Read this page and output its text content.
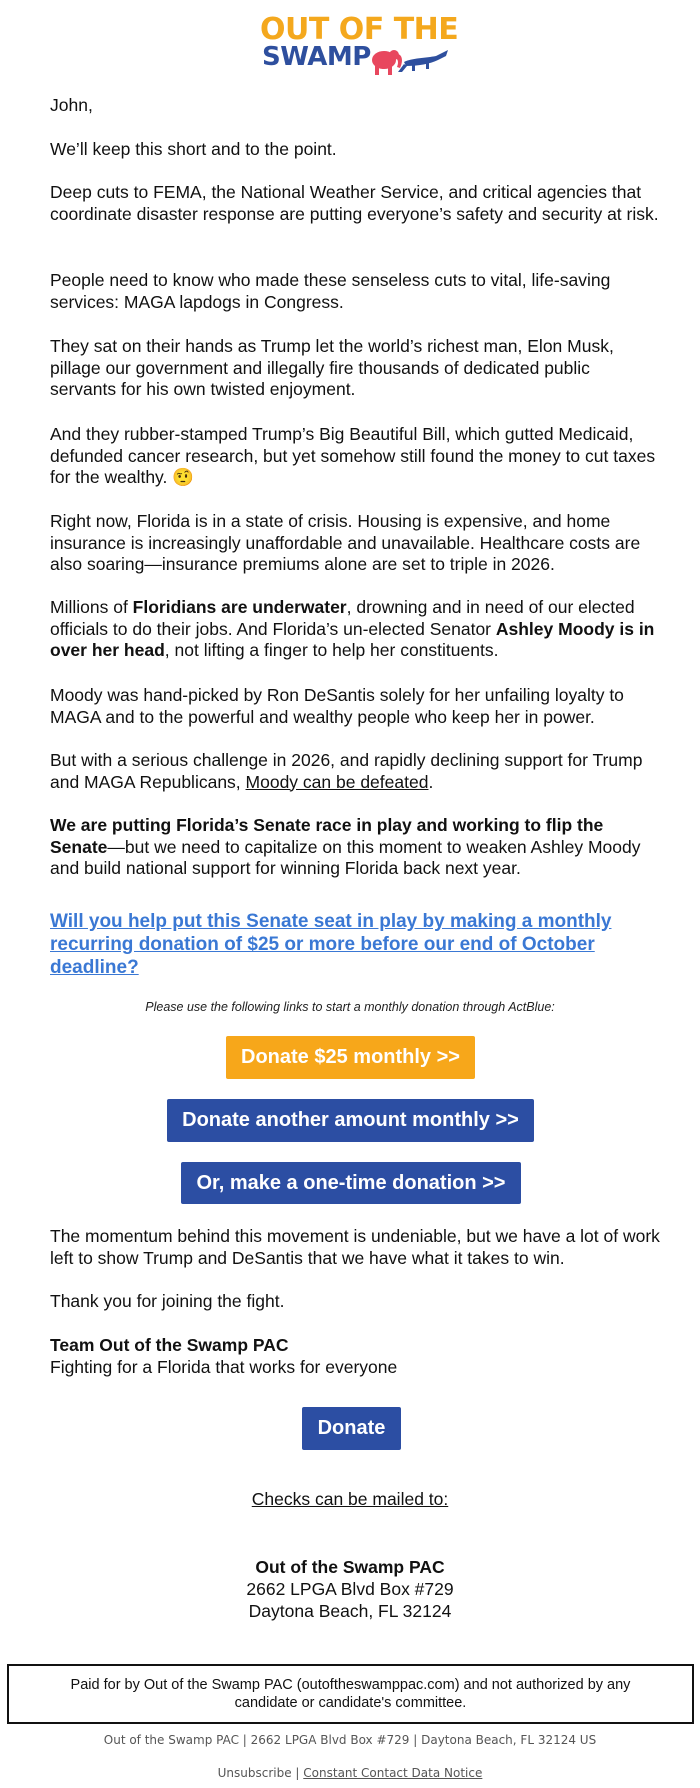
OUT OF THE
SWAMP
John,
We’ll keep this short and to the point.
Deep cuts to FEMA, the National Weather Service, and critical agencies that coordinate disaster response are putting everyone’s safety and security at risk.
People need to know who made these senseless cuts to vital, life-saving services: MAGA lapdogs in Congress.
They sat on their hands as Trump let the world’s richest man, Elon Musk, pillage our government and illegally fire thousands of dedicated public servants for his own twisted enjoyment.
And they rubber-stamped Trump’s Big Beautiful Bill, which gutted Medicaid, defunded cancer research, but yet somehow still found the money to cut taxes for the wealthy. 🤨
Right now, Florida is in a state of crisis. Housing is expensive, and home insurance is increasingly unaffordable and unavailable. Healthcare costs are also soaring—insurance premiums alone are set to triple in 2026.
Millions of Floridians are underwater, drowning and in need of our elected officials to do their jobs. And Florida’s un-elected Senator Ashley Moody is in over her head, not lifting a finger to help her constituents.
Moody was hand-picked by Ron DeSantis solely for her unfailing loyalty to MAGA and to the powerful and wealthy people who keep her in power.
But with a serious challenge in 2026, and rapidly declining support for Trump and MAGA Republicans, Moody can be defeated.
We are putting Florida’s Senate race in play and working to flip the Senate—but we need to capitalize on this moment to weaken Ashley Moody and build national support for winning Florida back next year.
Will you help put this Senate seat in play by making a monthly recurring donation of $25 or more before our end of October deadline?
Please use the following links to start a monthly donation through ActBlue:
Donate $25 monthly >>
Donate another amount monthly >>
Or, make a one-time donation >>
The momentum behind this movement is undeniable, but we have a lot of work left to show Trump and DeSantis that we have what it takes to win.
Thank you for joining the fight.
Team Out of the Swamp PAC
Fighting for a Florida that works for everyone
Donate
Checks can be mailed to:
Out of the Swamp PAC
2662 LPGA Blvd Box #729
Daytona Beach, FL 32124
Paid for by Out of the Swamp PAC (outoftheswamppac.com) and not authorized by any candidate or candidate's committee.
Out of the Swamp PAC | 2662 LPGA Blvd Box #729 | Daytona Beach, FL 32124 US
Unsubscribe | Constant Contact Data Notice
